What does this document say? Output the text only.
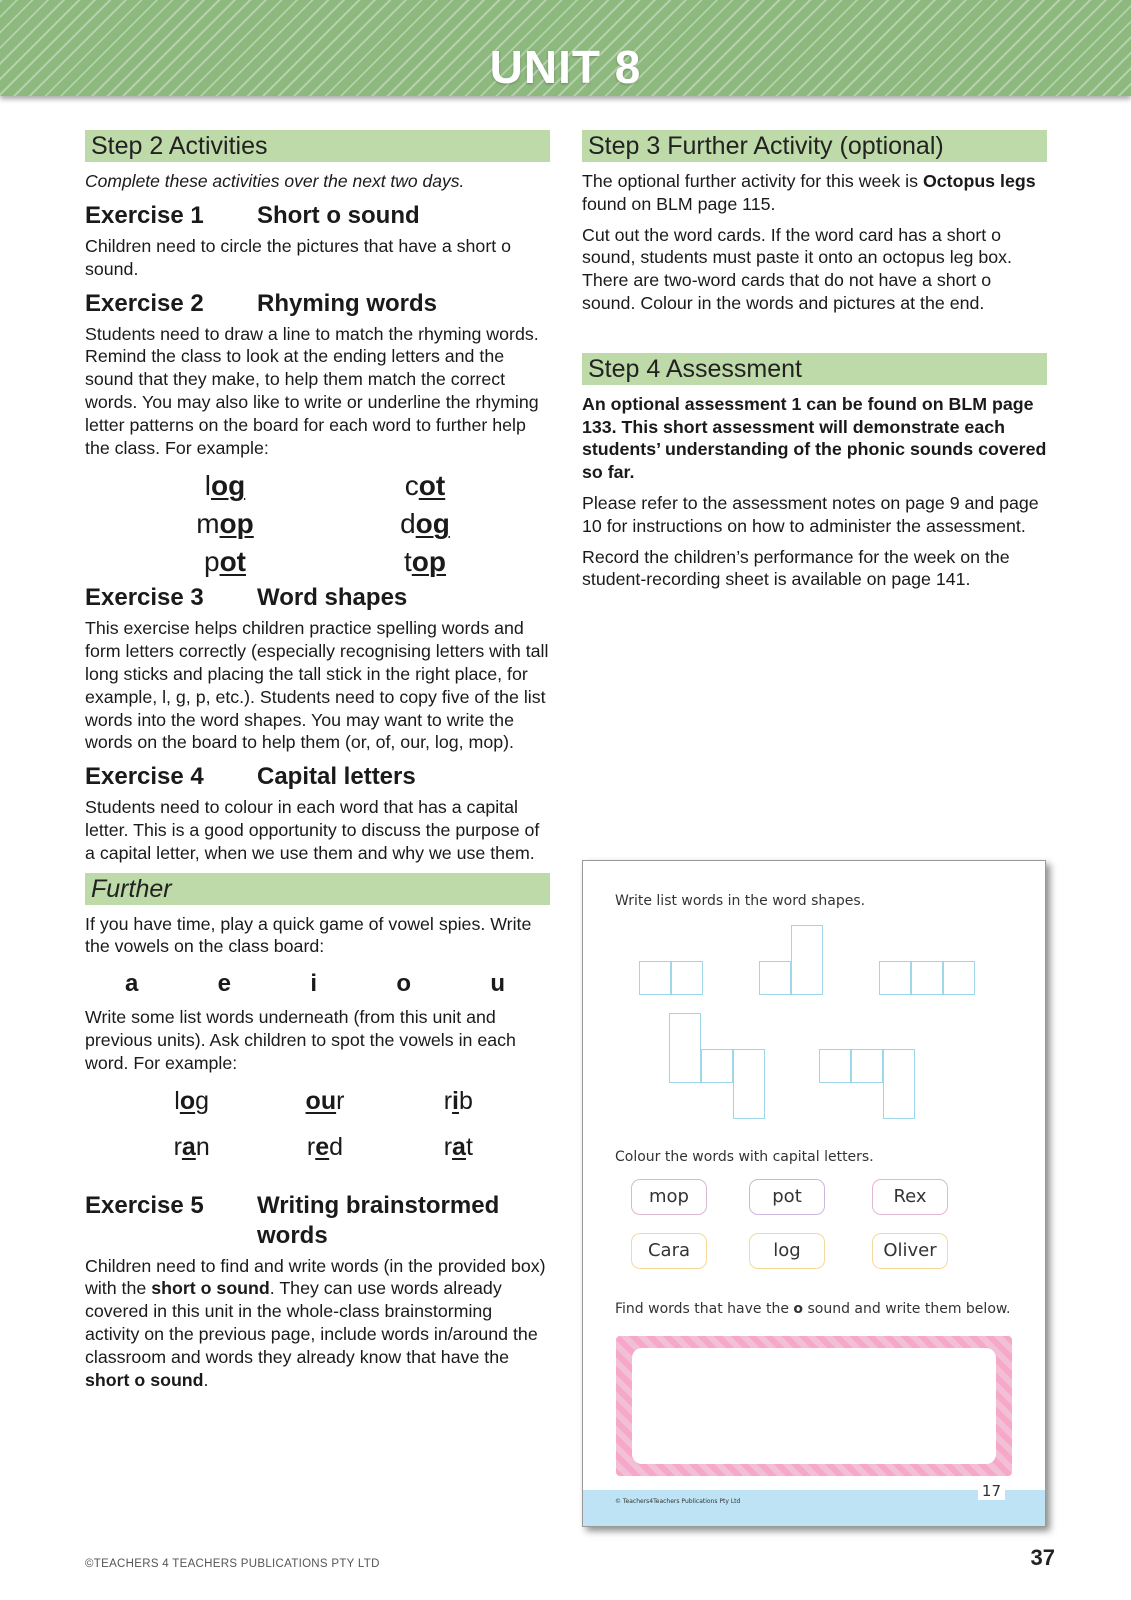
UNIT 8
Step 2 Activities
Complete these activities over the next two days.
Exercise 1	Short o sound

Children need to circle the pictures that have a short o sound.

Exercise 2	Rhyming words

Students need to draw a line to match the rhyming words. Remind the class to look at the ending letters and the sound that they make, to help them match the correct words. You may also like to write or underline the rhyming letter patterns on the board for each word to further help the class. For example:

log	cot
mop	dog
pot	top
Exercise 3	Word shapes

This exercise helps children practice spelling words and form letters correctly (especially recognising letters with tall long sticks and placing the tall stick in the right place, for example, l, g, p, etc.). Students need to copy five of the list words into the word shapes. You may want to write the words on the board to help them (or, of, our, log, mop).

Exercise 4	Capital letters

Students need to colour in each word that has a capital letter. This is a good opportunity to discuss the purpose of a capital letter, when we use them and why we use them.

Further

If you have time, play a quick game of vowel spies. Write the vowels on the class board:

a	e	i	o	u

Write some list words underneath (from this unit and previous units). Ask children to spot the vowels in each word. For example:

log	our	rib
ran	red	rat
Exercise 5	Writing brainstormed words

Children need to find and write words (in the provided box) with the short o sound. They can use words already covered in this unit in the whole-class brainstorming activity on the previous page, include words in/around the classroom and words they already know that have the short o sound.

Step 3 Further Activity (optional)

The optional further activity for this week is Octopus legs found on BLM page 115.

Cut out the word cards. If the word card has a short o sound, students must paste it onto an octopus leg box. There are two-word cards that do not have a short o sound. Colour in the words and pictures at the end.

Step 4 Assessment

An optional assessment 1 can be found on BLM page 133. This short assessment will demonstrate each students’ understanding of the phonic sounds covered so far.

Please refer to the assessment notes on page 9 and page 10 for instructions on how to administer the assessment.

Record the children’s performance for the week on the student-recording sheet is available on page 141.

Write list words in the word shapes.
Colour the words with capital letters.
mop	pot	Rex
Cara	log	Oliver
Find words that have the o sound and write them below.
© Teachers4Teachers Publications Pty Ltd
17
©TEACHERS 4 TEACHERS PUBLICATIONS PTY LTD	37
